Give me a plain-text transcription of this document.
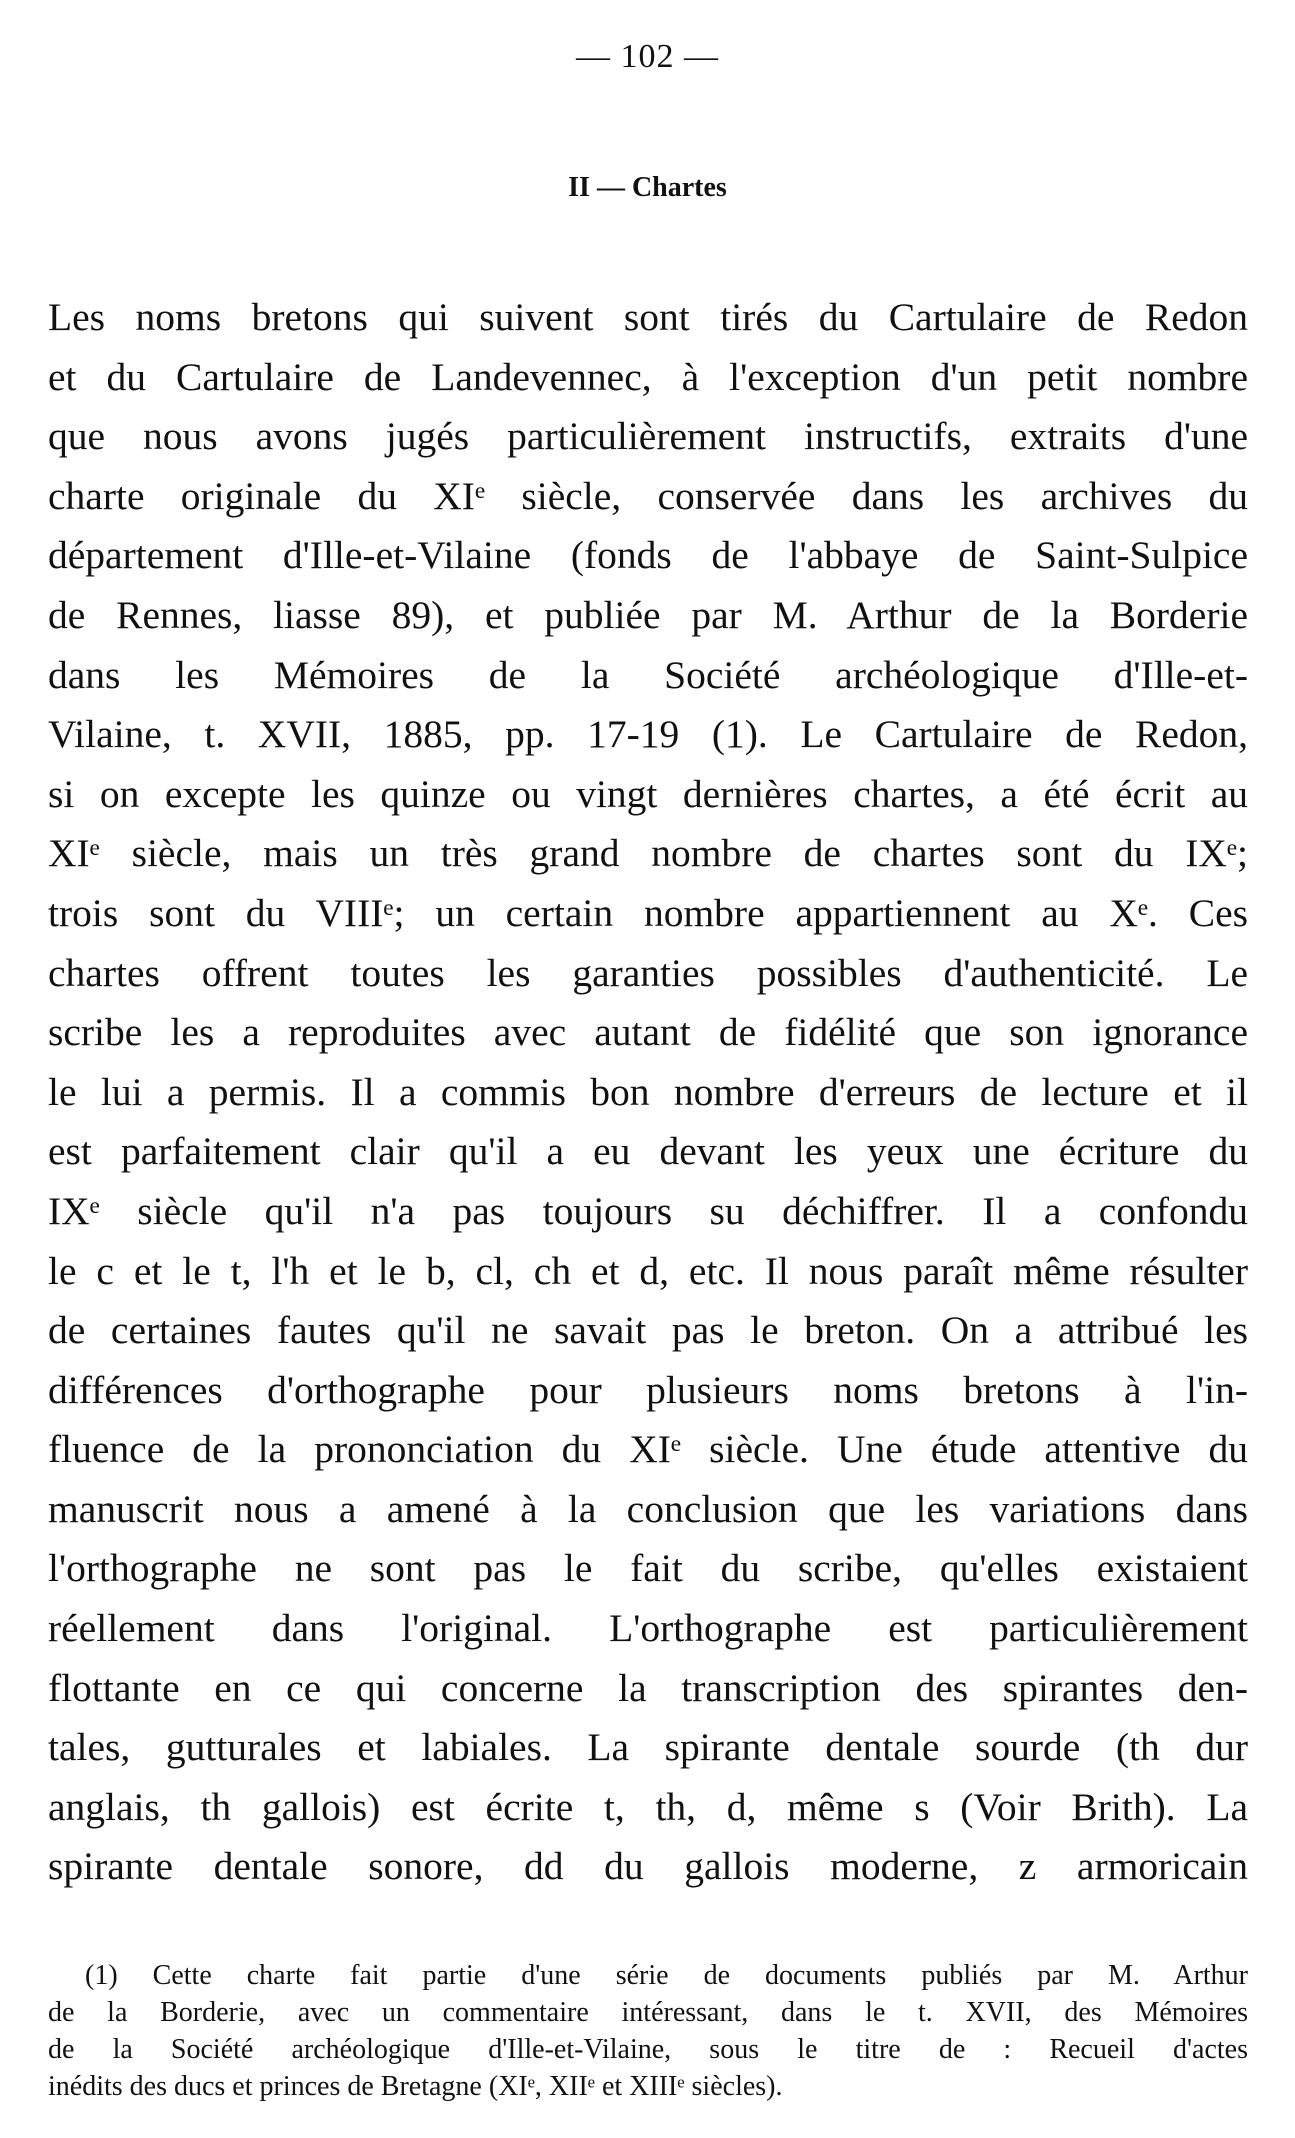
— 102 —
II — Chartes
Les noms bretons qui suivent sont tirés du Cartulaire de Redon
et du Cartulaire de Landevennec, à l'exception d'un petit nombre
que nous avons jugés particulièrement instructifs, extraits d'une
charte originale du XIᵉ siècle, conservée dans les archives du
département d'Ille-et-Vilaine (fonds de l'abbaye de Saint-Sulpice
de Rennes, liasse 89), et publiée par M. Arthur de la Borderie
dans les Mémoires de la Société archéologique d'Ille-et-
Vilaine, t. XVII, 1885, pp. 17-19 (1). Le Cartulaire de Redon,
si on excepte les quinze ou vingt dernières chartes, a été écrit au
XIᵉ siècle, mais un très grand nombre de chartes sont du IXᵉ;
trois sont du VIIIᵉ; un certain nombre appartiennent au Xᵉ. Ces
chartes offrent toutes les garanties possibles d'authenticité. Le
scribe les a reproduites avec autant de fidélité que son ignorance
le lui a permis. Il a commis bon nombre d'erreurs de lecture et il
est parfaitement clair qu'il a eu devant les yeux une écriture du
IXᵉ siècle qu'il n'a pas toujours su déchiffrer. Il a confondu
le c et le t, l'h et le b, cl, ch et d, etc. Il nous paraît même résulter
de certaines fautes qu'il ne savait pas le breton. On a attribué les
différences d'orthographe pour plusieurs noms bretons à l'in-
fluence de la prononciation du XIᵉ siècle. Une étude attentive du
manuscrit nous a amené à la conclusion que les variations dans
l'orthographe ne sont pas le fait du scribe, qu'elles existaient
réellement dans l'original. L'orthographe est particulièrement
flottante en ce qui concerne la transcription des spirantes den-
tales, gutturales et labiales. La spirante dentale sourde (th dur
anglais, th gallois) est écrite t, th, d, même s (Voir Brith). La
spirante dentale sonore, dd du gallois moderne, z armoricain
(1) Cette charte fait partie d'une série de documents publiés par M. Arthur
de la Borderie, avec un commentaire intéressant, dans le t. XVII, des Mémoires
de la Société archéologique d'Ille-et-Vilaine, sous le titre de : Recueil d'actes
inédits des ducs et princes de Bretagne (XIᵉ, XIIᵉ et XIIIᵉ siècles).
